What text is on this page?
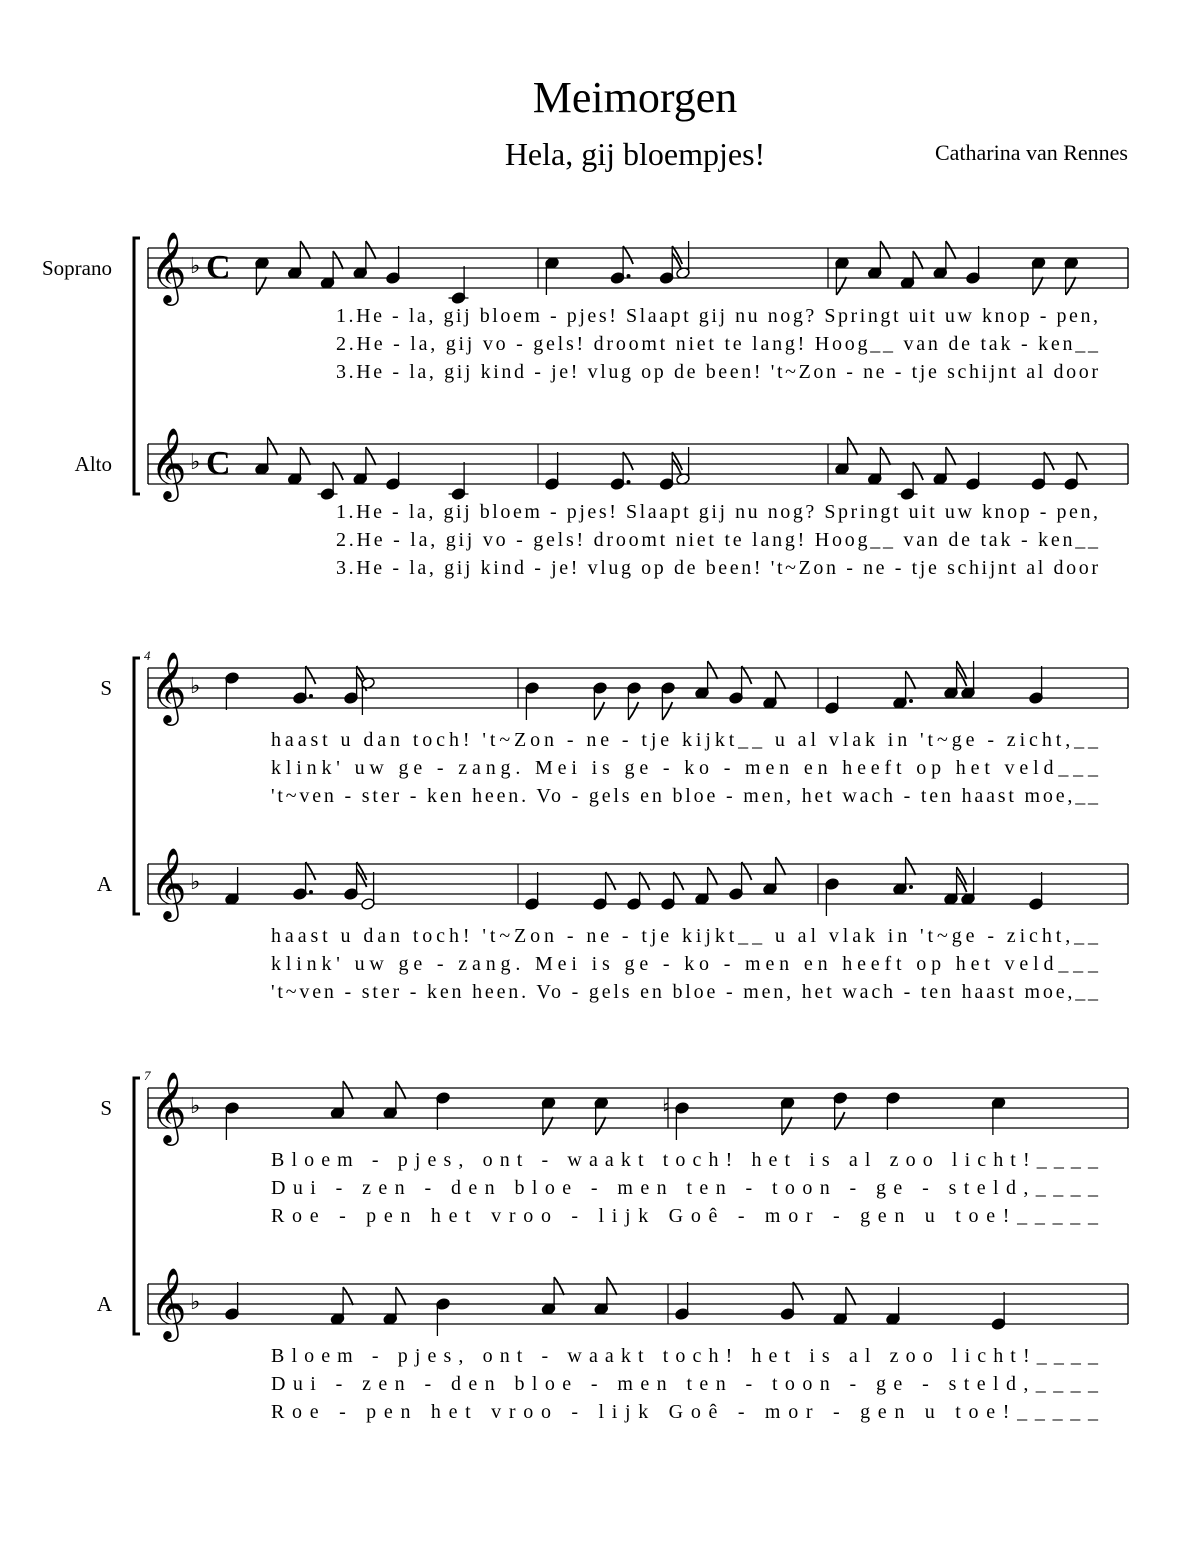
Meimorgen
Hela, gij bloempjes!	Catharina van Rennes
𝄞 ♭ C
Soprano
1.He - la, gij bloem - pjes! Slaapt gij nu nog? Springt uit uw knop - pen,
2.He - la, gij vo - gels! droomt niet te lang! Hoog__ van de tak - ken__
3.He - la, gij kind - je! vlug op de been! 't~Zon - ne - tje schijnt al door
𝄞 ♭ C
Alto
1.He - la, gij bloem - pjes! Slaapt gij nu nog? Springt uit uw knop - pen,
2.He - la, gij vo - gels! droomt niet te lang! Hoog__ van de tak - ken__
3.He - la, gij kind - je! vlug op de been! 't~Zon - ne - tje schijnt al door
𝄞 ♭
S
haast u dan toch! 't~Zon - ne - tje kijkt__ u al vlak in 't~ge - zicht,__
klink' uw ge - zang. Mei is ge - ko - men en heeft op het veld___
't~ven - ster - ken heen. Vo - gels en bloe - men, het wach - ten haast moe,__
𝄞 ♭
A
haast u dan toch! 't~Zon - ne - tje kijkt__ u al vlak in 't~ge - zicht,__
klink' uw ge - zang. Mei is ge - ko - men en heeft op het veld___
't~ven - ster - ken heen. Vo - gels en bloe - men, het wach - ten haast moe,__
4
𝄞 ♭
S	♮
Bloem - pjes, ont - waakt toch! het is al zoo licht!____
Dui - zen - den bloe - men ten - toon - ge - steld,____
Roe - pen het vroo - lijk Goê - mor - gen u toe!_____
𝄞 ♭
A
Bloem - pjes, ont - waakt toch! het is al zoo licht!____
Dui - zen - den bloe - men ten - toon - ge - steld,____
Roe - pen het vroo - lijk Goê - mor - gen u toe!_____
7
